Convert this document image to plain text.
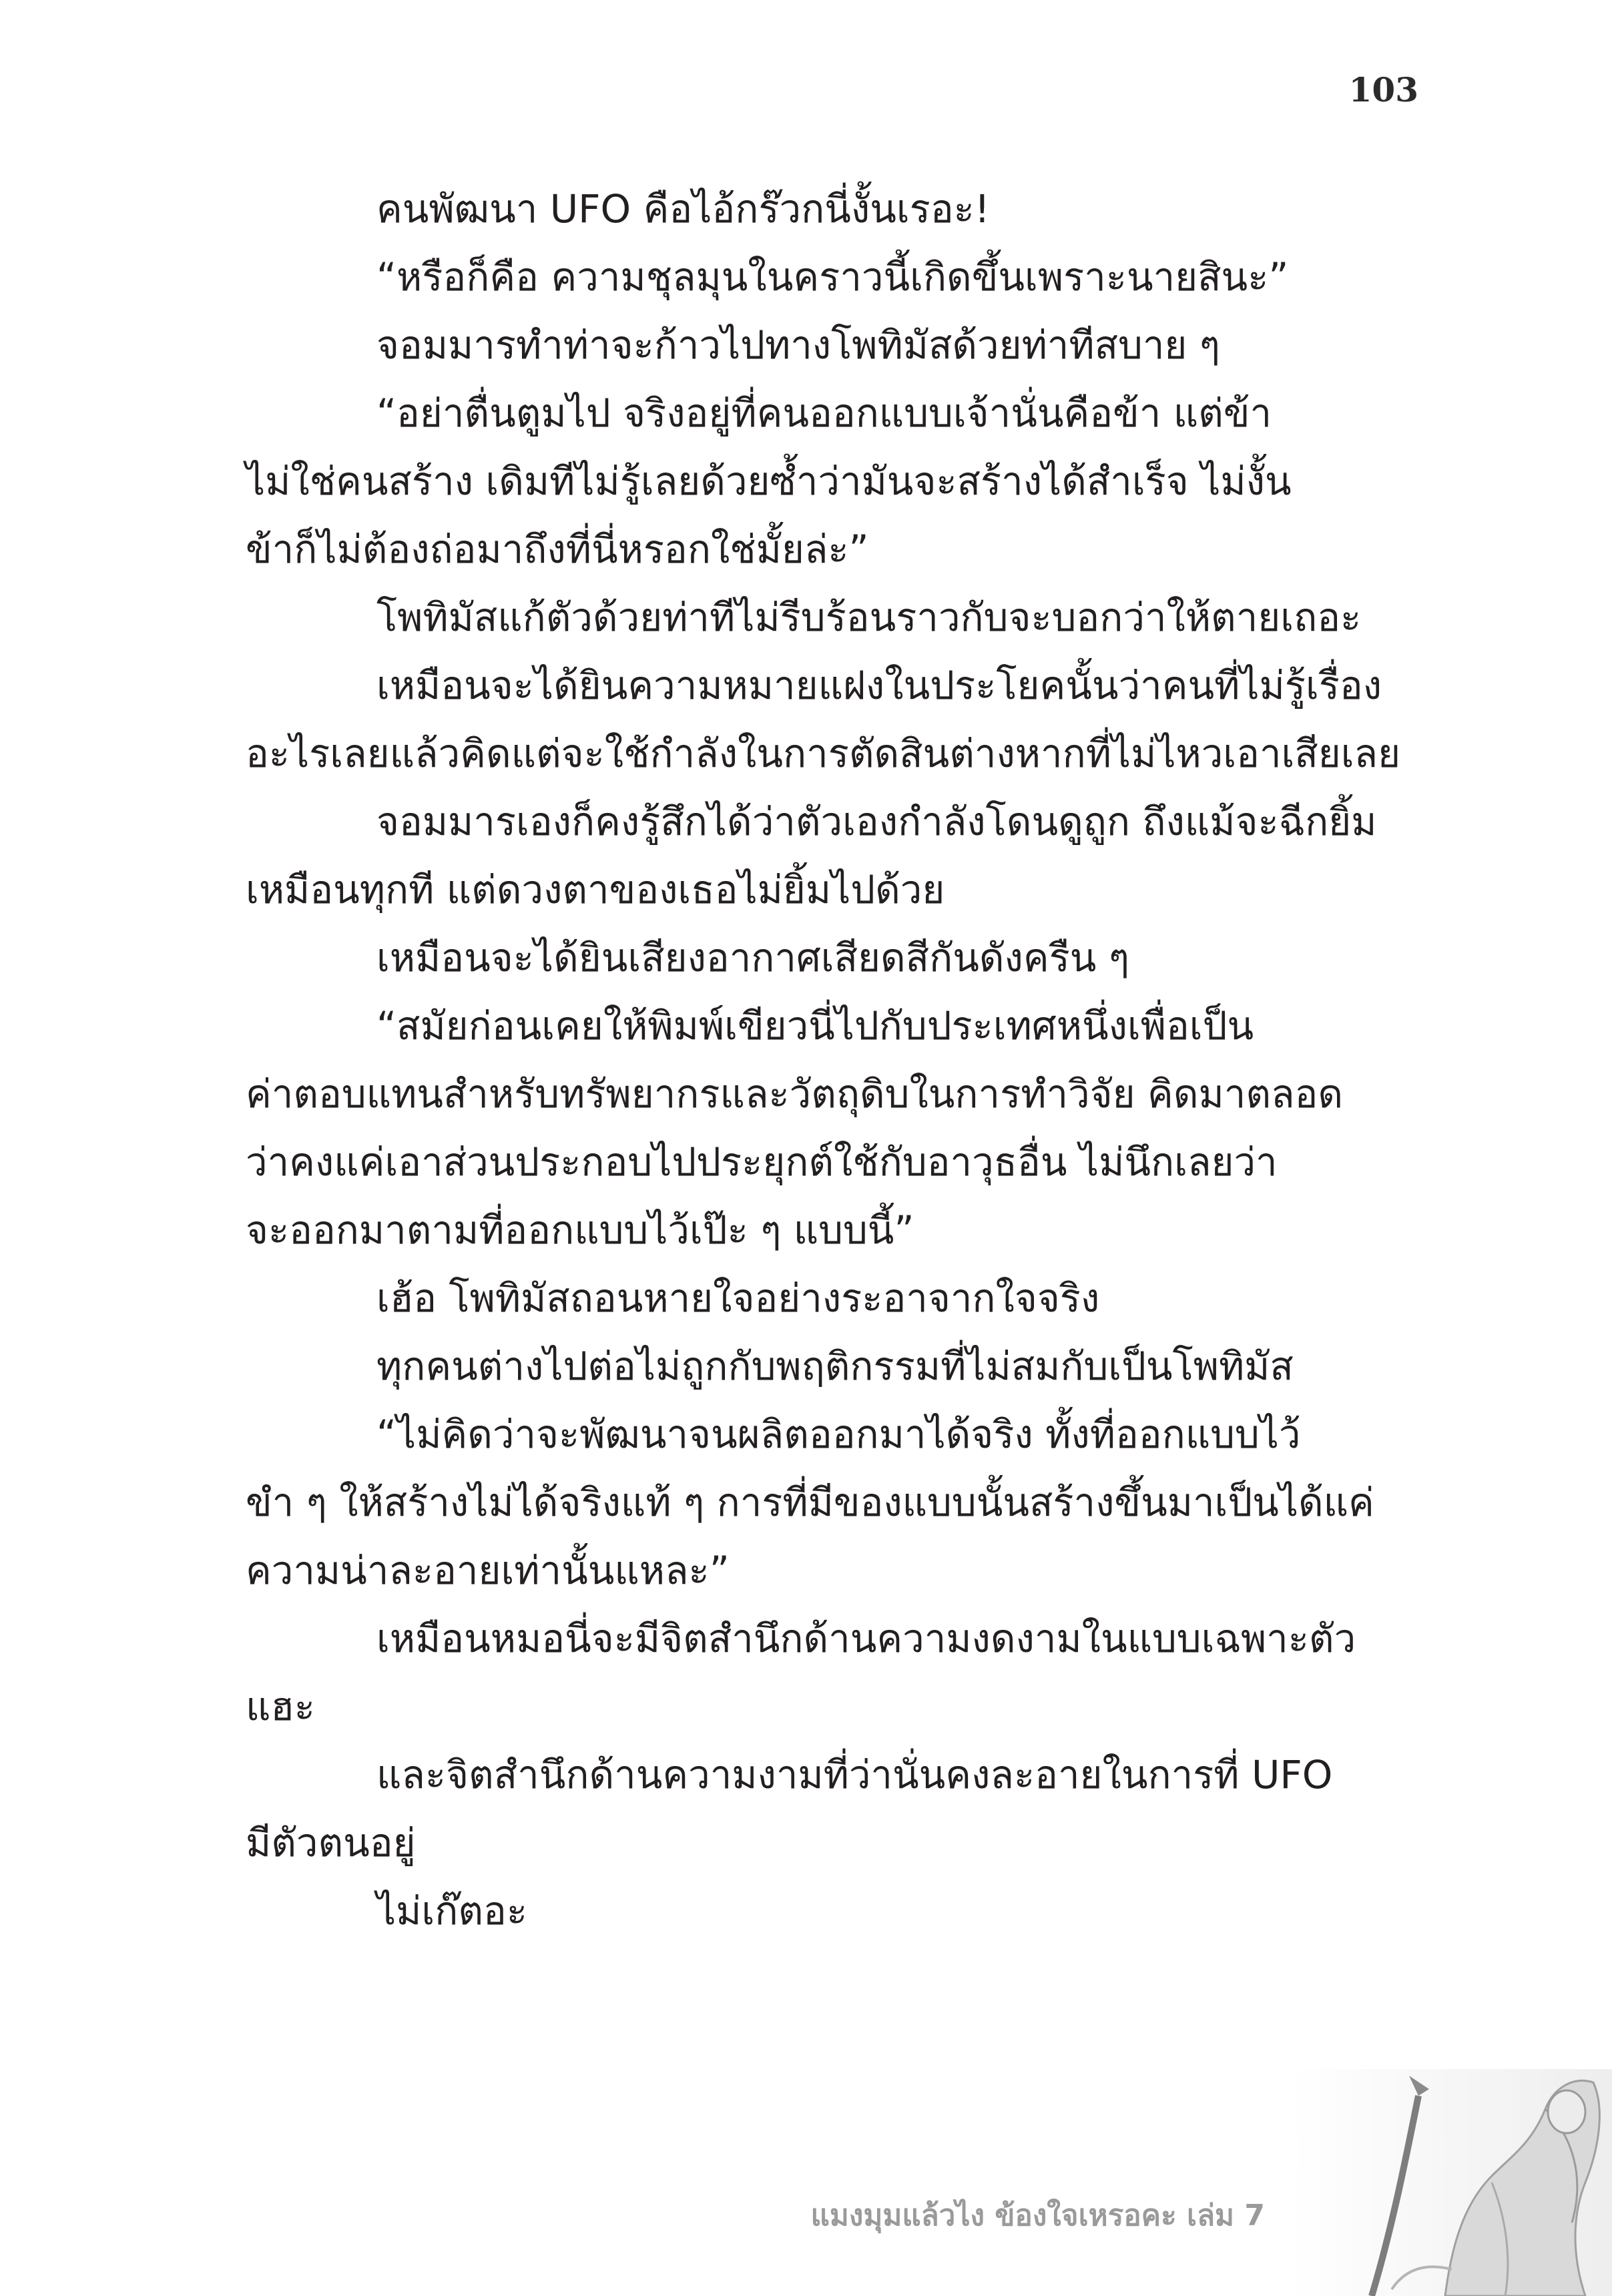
103
คนพัฒนา UFO คือไอ้กร๊วกนี่งั้นเรอะ!
“หรือก็คือ ความชุลมุนในคราวนี้เกิดขึ้นเพราะนายสินะ”
จอมมารทำท่าจะก้าวไปทางโพทิมัสด้วยท่าทีสบาย ๆ
“อย่าตื่นตูมไป จริงอยู่ที่คนออกแบบเจ้านั่นคือข้า แต่ข้า
ไม่ใช่คนสร้าง เดิมทีไม่รู้เลยด้วยซ้ำว่ามันจะสร้างได้สำเร็จ ไม่งั้น
ข้าก็ไม่ต้องถ่อมาถึงที่นี่หรอกใช่มั้ยล่ะ”
โพทิมัสแก้ตัวด้วยท่าทีไม่รีบร้อนราวกับจะบอกว่าให้ตายเถอะ
เหมือนจะได้ยินความหมายแฝงในประโยคนั้นว่าคนที่ไม่รู้เรื่อง
อะไรเลยแล้วคิดแต่จะใช้กำลังในการตัดสินต่างหากที่ไม่ไหวเอาเสียเลย
จอมมารเองก็คงรู้สึกได้ว่าตัวเองกำลังโดนดูถูก ถึงแม้จะฉีกยิ้ม
เหมือนทุกที แต่ดวงตาของเธอไม่ยิ้มไปด้วย
เหมือนจะได้ยินเสียงอากาศเสียดสีกันดังครืน ๆ
“สมัยก่อนเคยให้พิมพ์เขียวนี่ไปกับประเทศหนึ่งเพื่อเป็น
ค่าตอบแทนสำหรับทรัพยากรและวัตถุดิบในการทำวิจัย คิดมาตลอด
ว่าคงแค่เอาส่วนประกอบไปประยุกต์ใช้กับอาวุธอื่น ไม่นึกเลยว่า
จะออกมาตามที่ออกแบบไว้เป๊ะ ๆ แบบนี้”
เฮ้อ โพทิมัสถอนหายใจอย่างระอาจากใจจริง
ทุกคนต่างไปต่อไม่ถูกกับพฤติกรรมที่ไม่สมกับเป็นโพทิมัส
“ไม่คิดว่าจะพัฒนาจนผลิตออกมาได้จริง ทั้งที่ออกแบบไว้
ขำ ๆ ให้สร้างไม่ได้จริงแท้ ๆ การที่มีของแบบนั้นสร้างขึ้นมาเป็นได้แค่
ความน่าละอายเท่านั้นแหละ”
เหมือนหมอนี่จะมีจิตสำนึกด้านความงดงามในแบบเฉพาะตัว
แฮะ
และจิตสำนึกด้านความงามที่ว่านั่นคงละอายในการที่ UFO
มีตัวตนอยู่
ไม่เก๊ตอะ
แมงมุมแล้วไง ข้องใจเหรอคะ เล่ม 7
